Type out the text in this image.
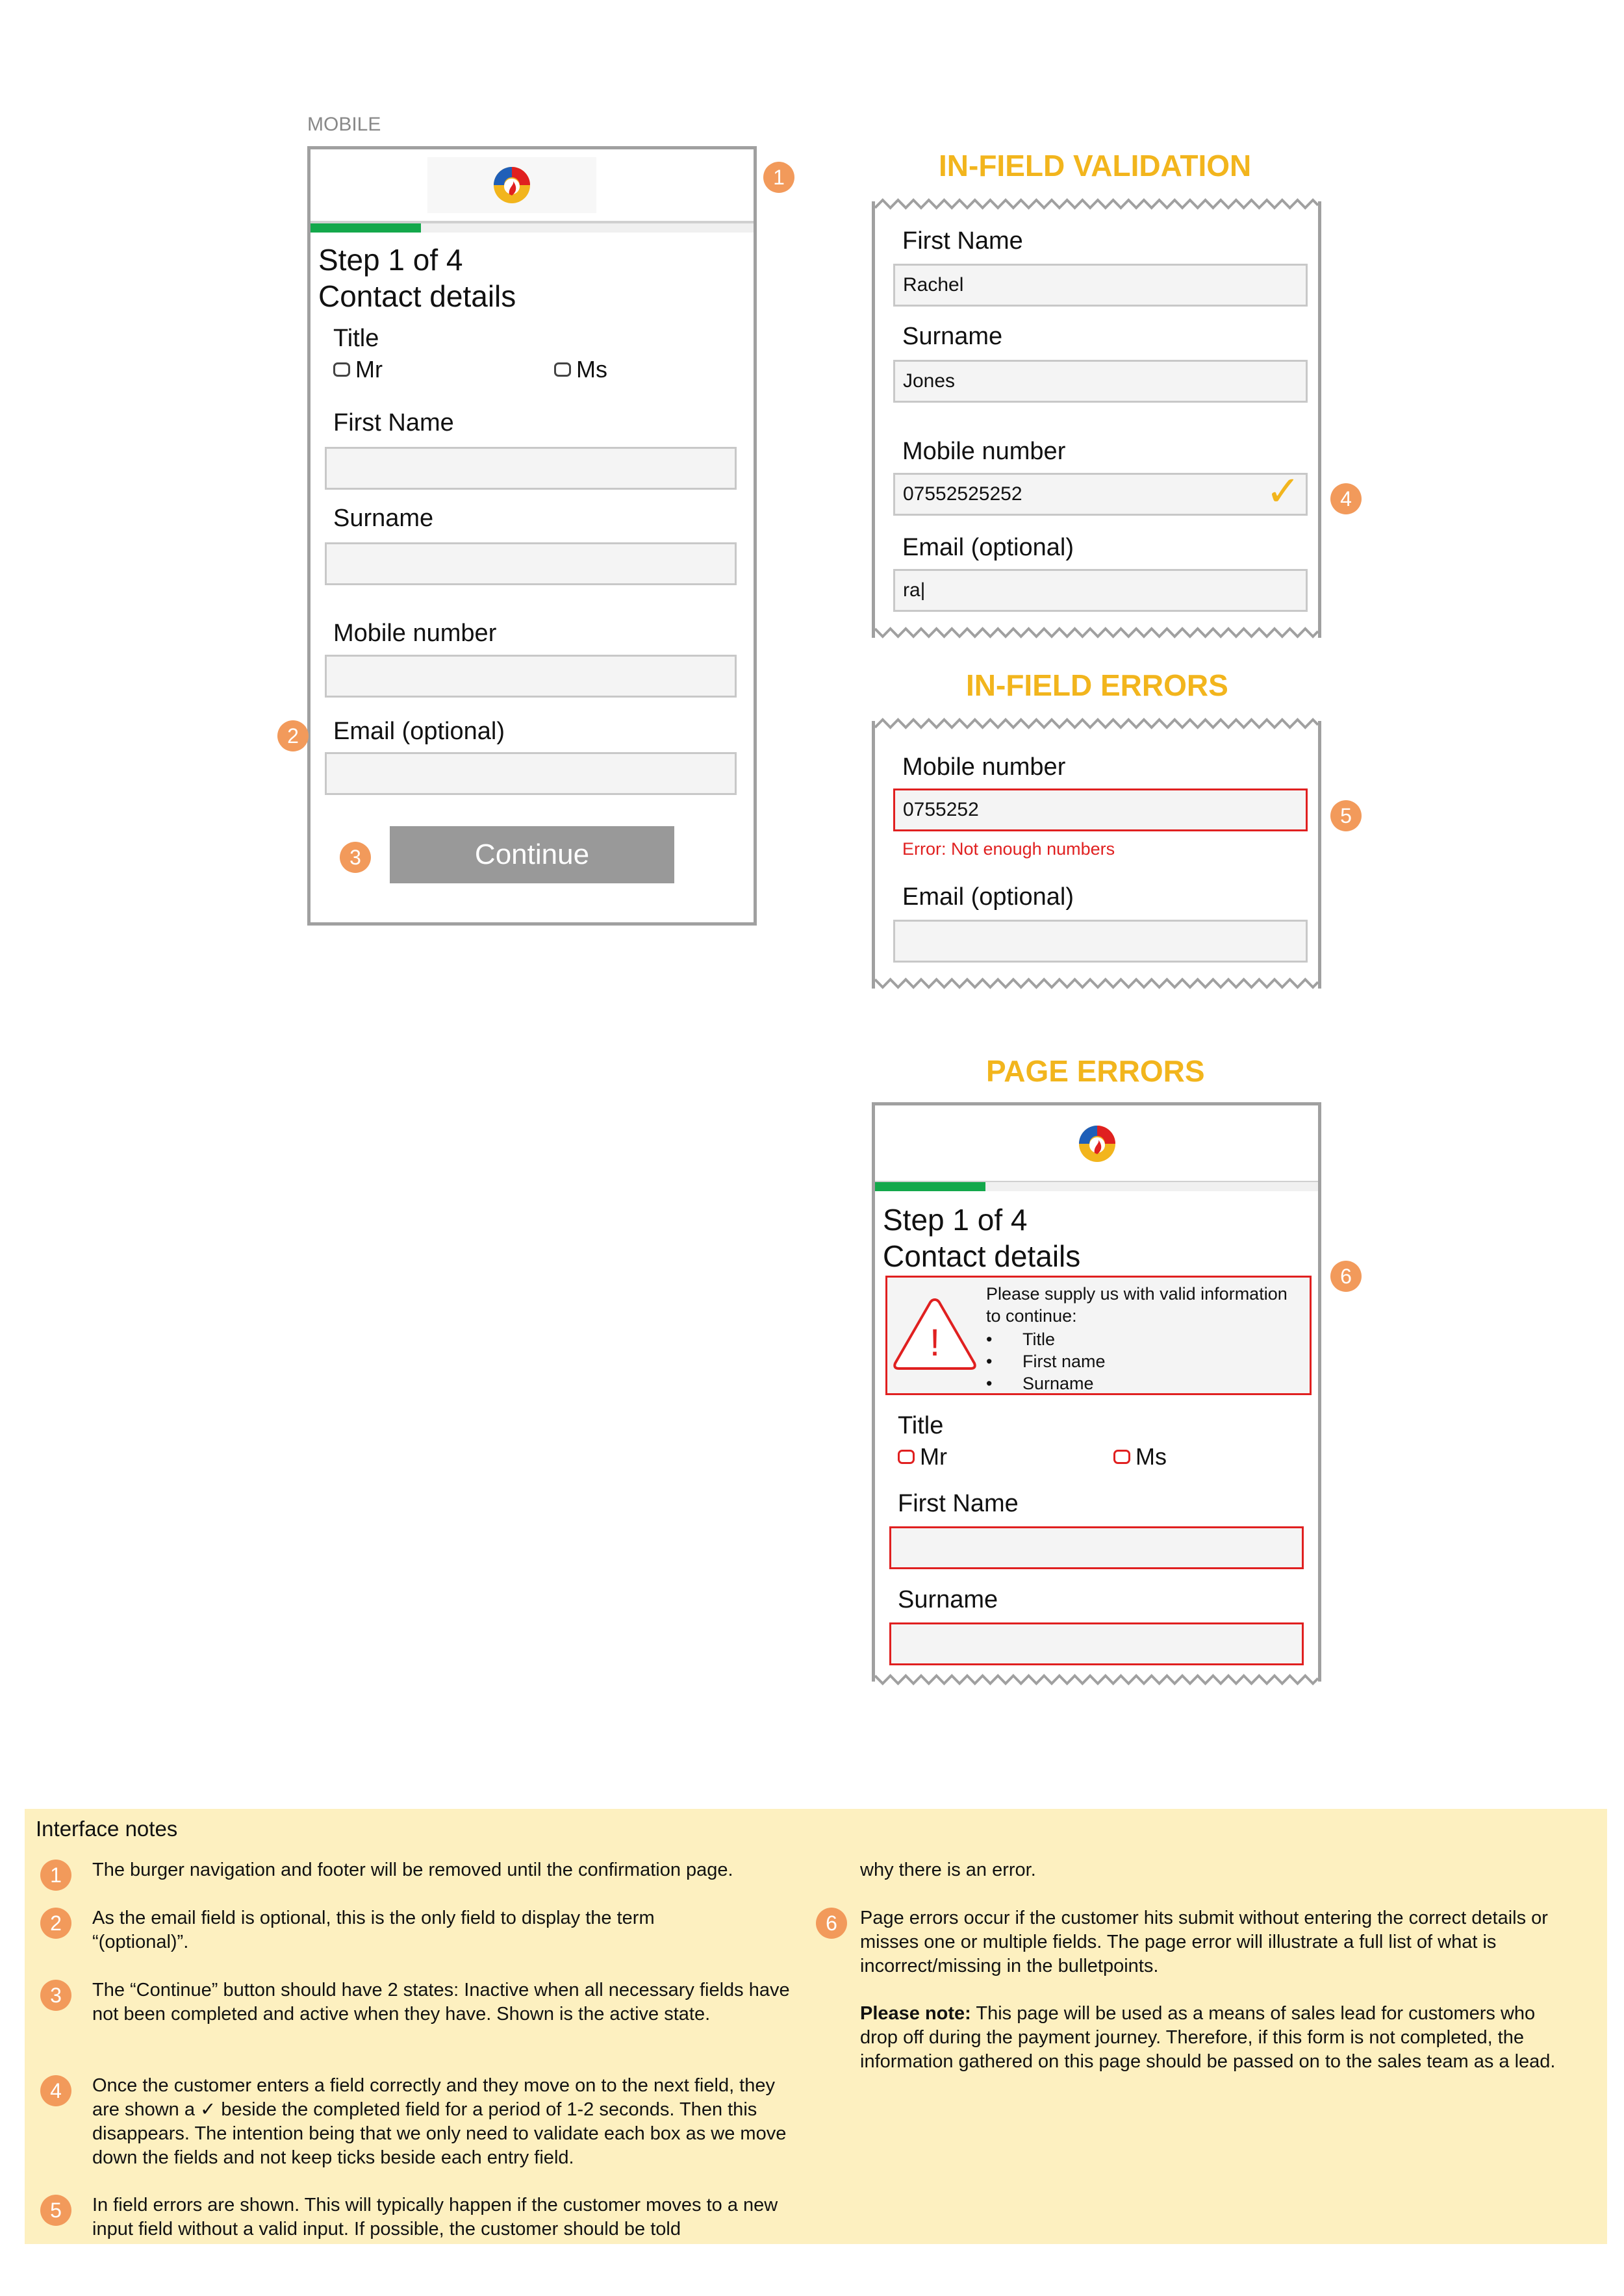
MOBILE
Step 1 of 4
Contact details
Title
Mr	Ms
First Name
Surname
Mobile number
Email (optional)
Continue
1
2
3
IN-FIELD VALIDATION
First Name
Rachel
Surname
Jones
Mobile number
07552525252	✓
Email (optional)
ra|
4
IN-FIELD ERRORS
Mobile number
0755252
Error: Not enough numbers
Email (optional)
5
PAGE ERRORS
Step 1 of 4
Contact details
!
Please supply us with valid information to continue:
• Title
• First name
• Surname
Title
Mr	Ms
First Name
Surname
6
Interface notes
1	The burger navigation and footer will be removed until the confirmation page.
2	As the email field is optional, this is the only field to display the term “(optional)”.
3	The “Continue” button should have 2 states: Inactive when all necessary fields have not been completed and active when they have. Shown is the active state.
4	Once the customer enters a field correctly and they move on to the next field, they are shown a ✓ beside the completed field for a period of 1-2 seconds. Then this disappears. The intention being that we only need to validate each box as we move down the fields and not keep ticks beside each entry field.
5	In field errors are shown. This will typically happen if the customer moves to a new input field without a valid input. If possible, the customer should be told
why there is an error.
6	Page errors occur if the customer hits submit without entering the correct details or misses one or multiple fields. The page error will illustrate a full list of what is incorrect/missing in the bulletpoints.
Please note: This page will be used as a means of sales lead for customers who drop off during the payment journey. Therefore, if this form is not completed, the information gathered on this page should be passed on to the sales team as a lead.
